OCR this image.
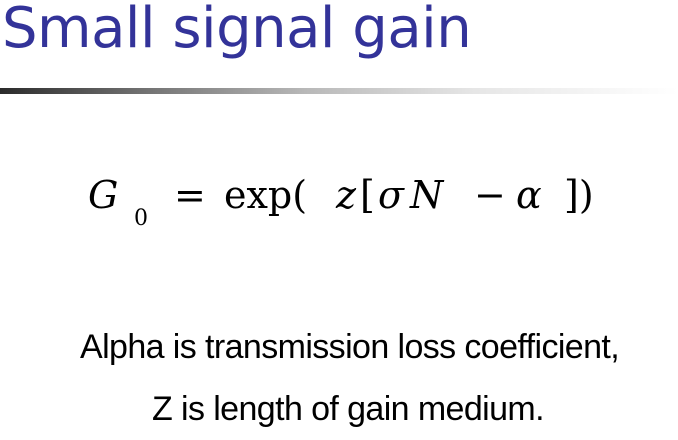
Small signal gain
G
0
= exp( z [ σ N − α ])
Alpha is transmission loss coefficient,
Z is length of gain medium.
